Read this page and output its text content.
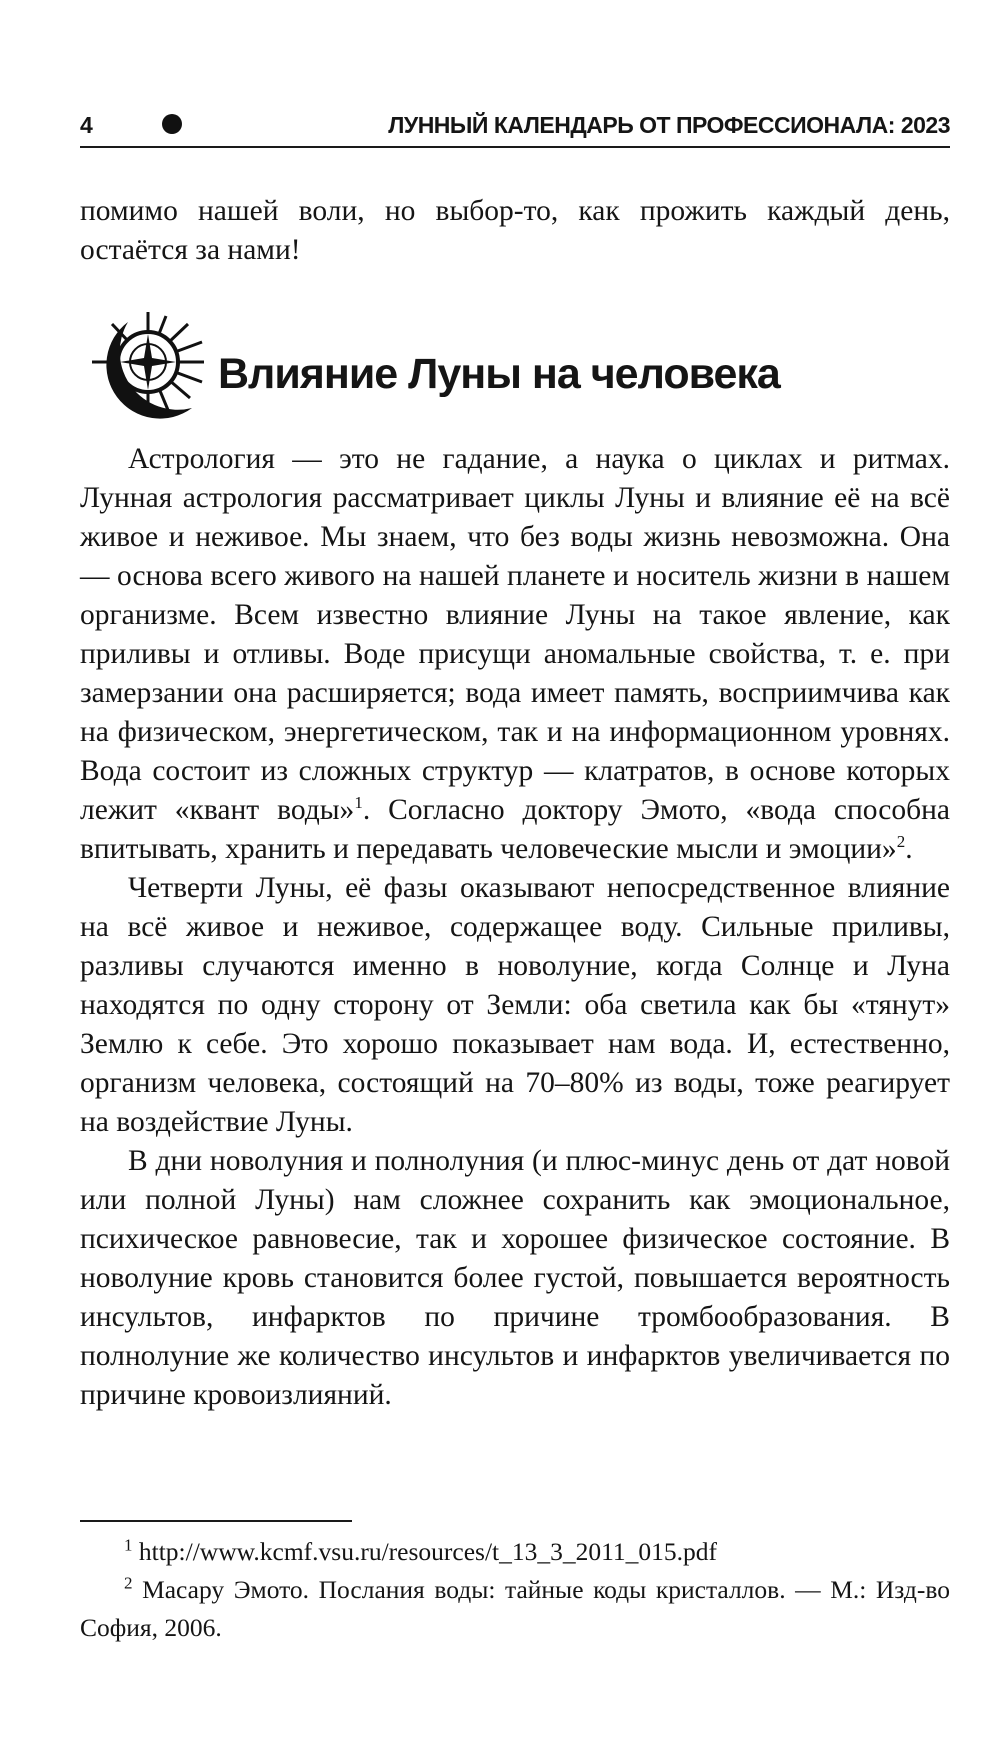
4	ЛУННЫЙ КАЛЕНДАРЬ ОТ ПРОФЕССИОНАЛА: 2023

помимо нашей воли, но выбор-то, как прожить каждый день, остаётся за нами!

Влияние Луны на человека

Астрология — это не гадание, а наука о циклах и ритмах. Лунная астрология рассматривает циклы Луны и влияние её на всё живое и неживое. Мы знаем, что без воды жизнь невозможна. Она — основа всего живого на нашей планете и носитель жизни в нашем организме. Всем известно влияние Луны на такое явление, как приливы и отливы. Воде присущи аномальные свойства, т. е. при замерзании она расширяется; вода имеет память, восприимчива как на физическом, энергетическом, так и на информационном уровнях. Вода состоит из сложных структур — клатратов, в основе которых лежит «квант воды»$^1$. Согласно доктору Эмото, «вода способна впитывать, хранить и передавать человеческие мысли и эмоции»$^2$.

Четверти Луны, её фазы оказывают непосредственное влияние на всё живое и неживое, содержащее воду. Сильные приливы, разливы случаются именно в новолуние, когда Солнце и Луна находятся по одну сторону от Земли: оба светила как бы «тянут» Землю к себе. Это хорошо показывает нам вода. И, естественно, организм человека, состоящий на 70–80% из воды, тоже реагирует на воздействие Луны.

В дни новолуния и полнолуния (и плюс-минус день от дат новой или полной Луны) нам сложнее сохранить как эмоциональное, психическое равновесие, так и хорошее физическое состояние. В новолуние кровь становится более густой, повышается вероятность инсультов, инфарктов по причине тромбообразования. В полнолуние же количество инсультов и инфарктов увеличивается по причине кровоизлияний.

$^1$ http://www.kcmf.vsu.ru/resources/t_13_3_2011_015.pdf

$^2$ Масару Эмото. Послания воды: тайные коды кристаллов. — М.: Изд-во София, 2006.
